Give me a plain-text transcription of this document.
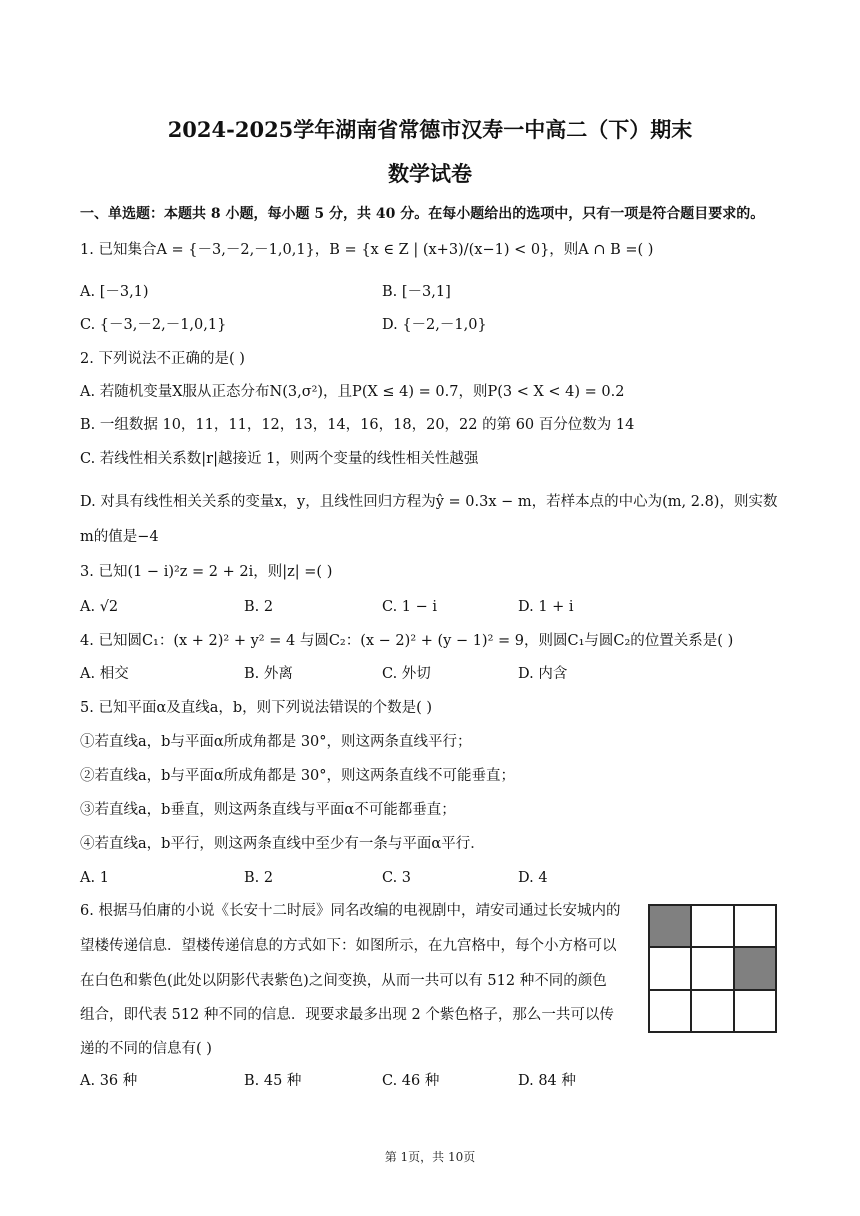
2024-2025学年湖南省常德市汉寿一中高二（下）期末
数学试卷
一、单选题：本题共 8 小题，每小题 5 分，共 40 分。在每小题给出的选项中，只有一项是符合题目要求的。
1. 已知集合A = {－3,－2,－1,0,1}，B = {x ∈ Z | (x+3)/(x−1) < 0}，则A ∩ B =( )
A. [－3,1)	B. [－3,1]
C. {－3,－2,－1,0,1}	D. {－2,－1,0}
2. 下列说法不正确的是( )
A. 若随机变量X服从正态分布N(3,σ²)，且P(X ≤ 4) = 0.7，则P(3 < X < 4) = 0.2
B. 一组数据 10，11，11，12，13，14，16，18，20，22 的第 60 百分位数为 14
C. 若线性相关系数|r|越接近 1，则两个变量的线性相关性越强
D. 对具有线性相关关系的变量x，y，且线性回归方程为ŷ = 0.3x − m，若样本点的中心为(m, 2.8)，则实数
m的值是−4
3. 已知(1 − i)²z = 2 + 2i，则|z| =( )
A. √2	B. 2	C. 1 − i	D. 1 + i
4. 已知圆C₁：(x + 2)² + y² = 4 与圆C₂：(x − 2)² + (y − 1)² = 9，则圆C₁与圆C₂的位置关系是( )
A. 相交	B. 外离	C. 外切	D. 内含
5. 已知平面α及直线a，b，则下列说法错误的个数是( )
①若直线a，b与平面α所成角都是 30°，则这两条直线平行；
②若直线a，b与平面α所成角都是 30°，则这两条直线不可能垂直；
③若直线a，b垂直，则这两条直线与平面α不可能都垂直；
④若直线a，b平行，则这两条直线中至少有一条与平面α平行．
A. 1	B. 2	C. 3	D. 4
6. 根据马伯庸的小说《长安十二时辰》同名改编的电视剧中，靖安司通过长安城内的
望楼传递信息．望楼传递信息的方式如下：如图所示，在九宫格中，每个小方格可以
在白色和紫色(此处以阴影代表紫色)之间变换，从而一共可以有 512 种不同的颜色
组合，即代表 512 种不同的信息．现要求最多出现 2 个紫色格子，那么一共可以传
递的不同的信息有( )
A. 36 种	B. 45 种	C. 46 种	D. 84 种
第 1页，共 10页
